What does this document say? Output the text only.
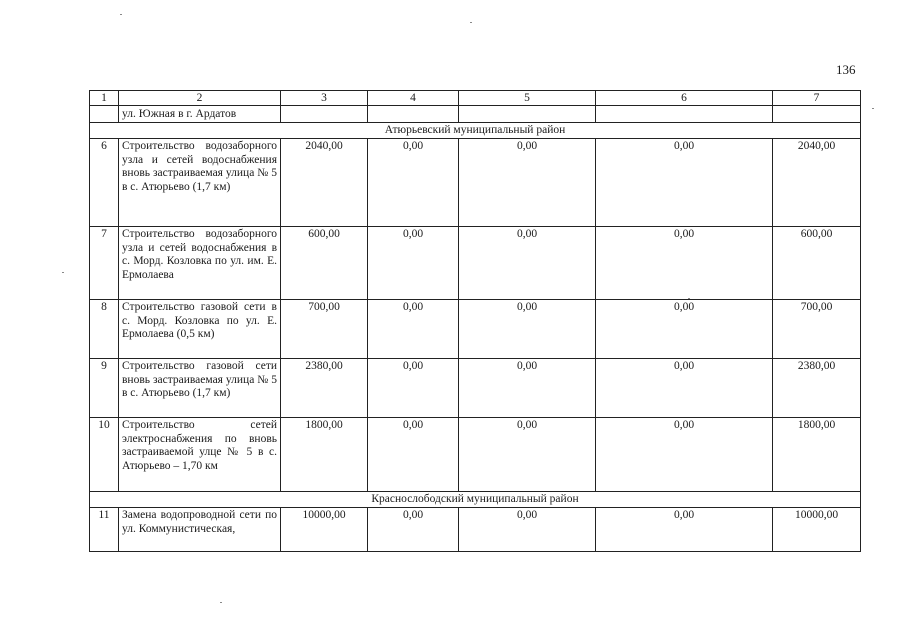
136
1	2	3	4	5	6	7
	ул. Южная в г. Ардатов					
Атюрьевский муниципальный район						
6	Строительство водозаборного узла и сетей водоснабжения вновь застраиваемая улица № 5 в с. Атюрьево (1,7 км)	2040,00	0,00	0,00	0,00	2040,00
7	Строительство водозаборного узла и сетей водоснабжения в с. Морд. Козловка по ул. им. Е. Ермолаева	600,00	0,00	0,00	0,00	600,00
8	Строительство газовой сети в с. Морд. Козловка по ул. Е. Ермолаева (0,5 км)	700,00	0,00	0,00	0,00	700,00
9	Строительство газовой сети вновь застраиваемая улица № 5 в с. Атюрьево (1,7 км)	2380,00	0,00	0,00	0,00	2380,00
10	Строительство сетей электроснабжения по вновь застраиваемой улце № 5 в с. Атюрьево – 1,70 км	1800,00	0,00	0,00	0,00	1800,00
Краснослободский муниципальный район						
11	Замена водопроводной сети по ул. Коммунистическая,	10000,00	0,00	0,00	0,00	10000,00
